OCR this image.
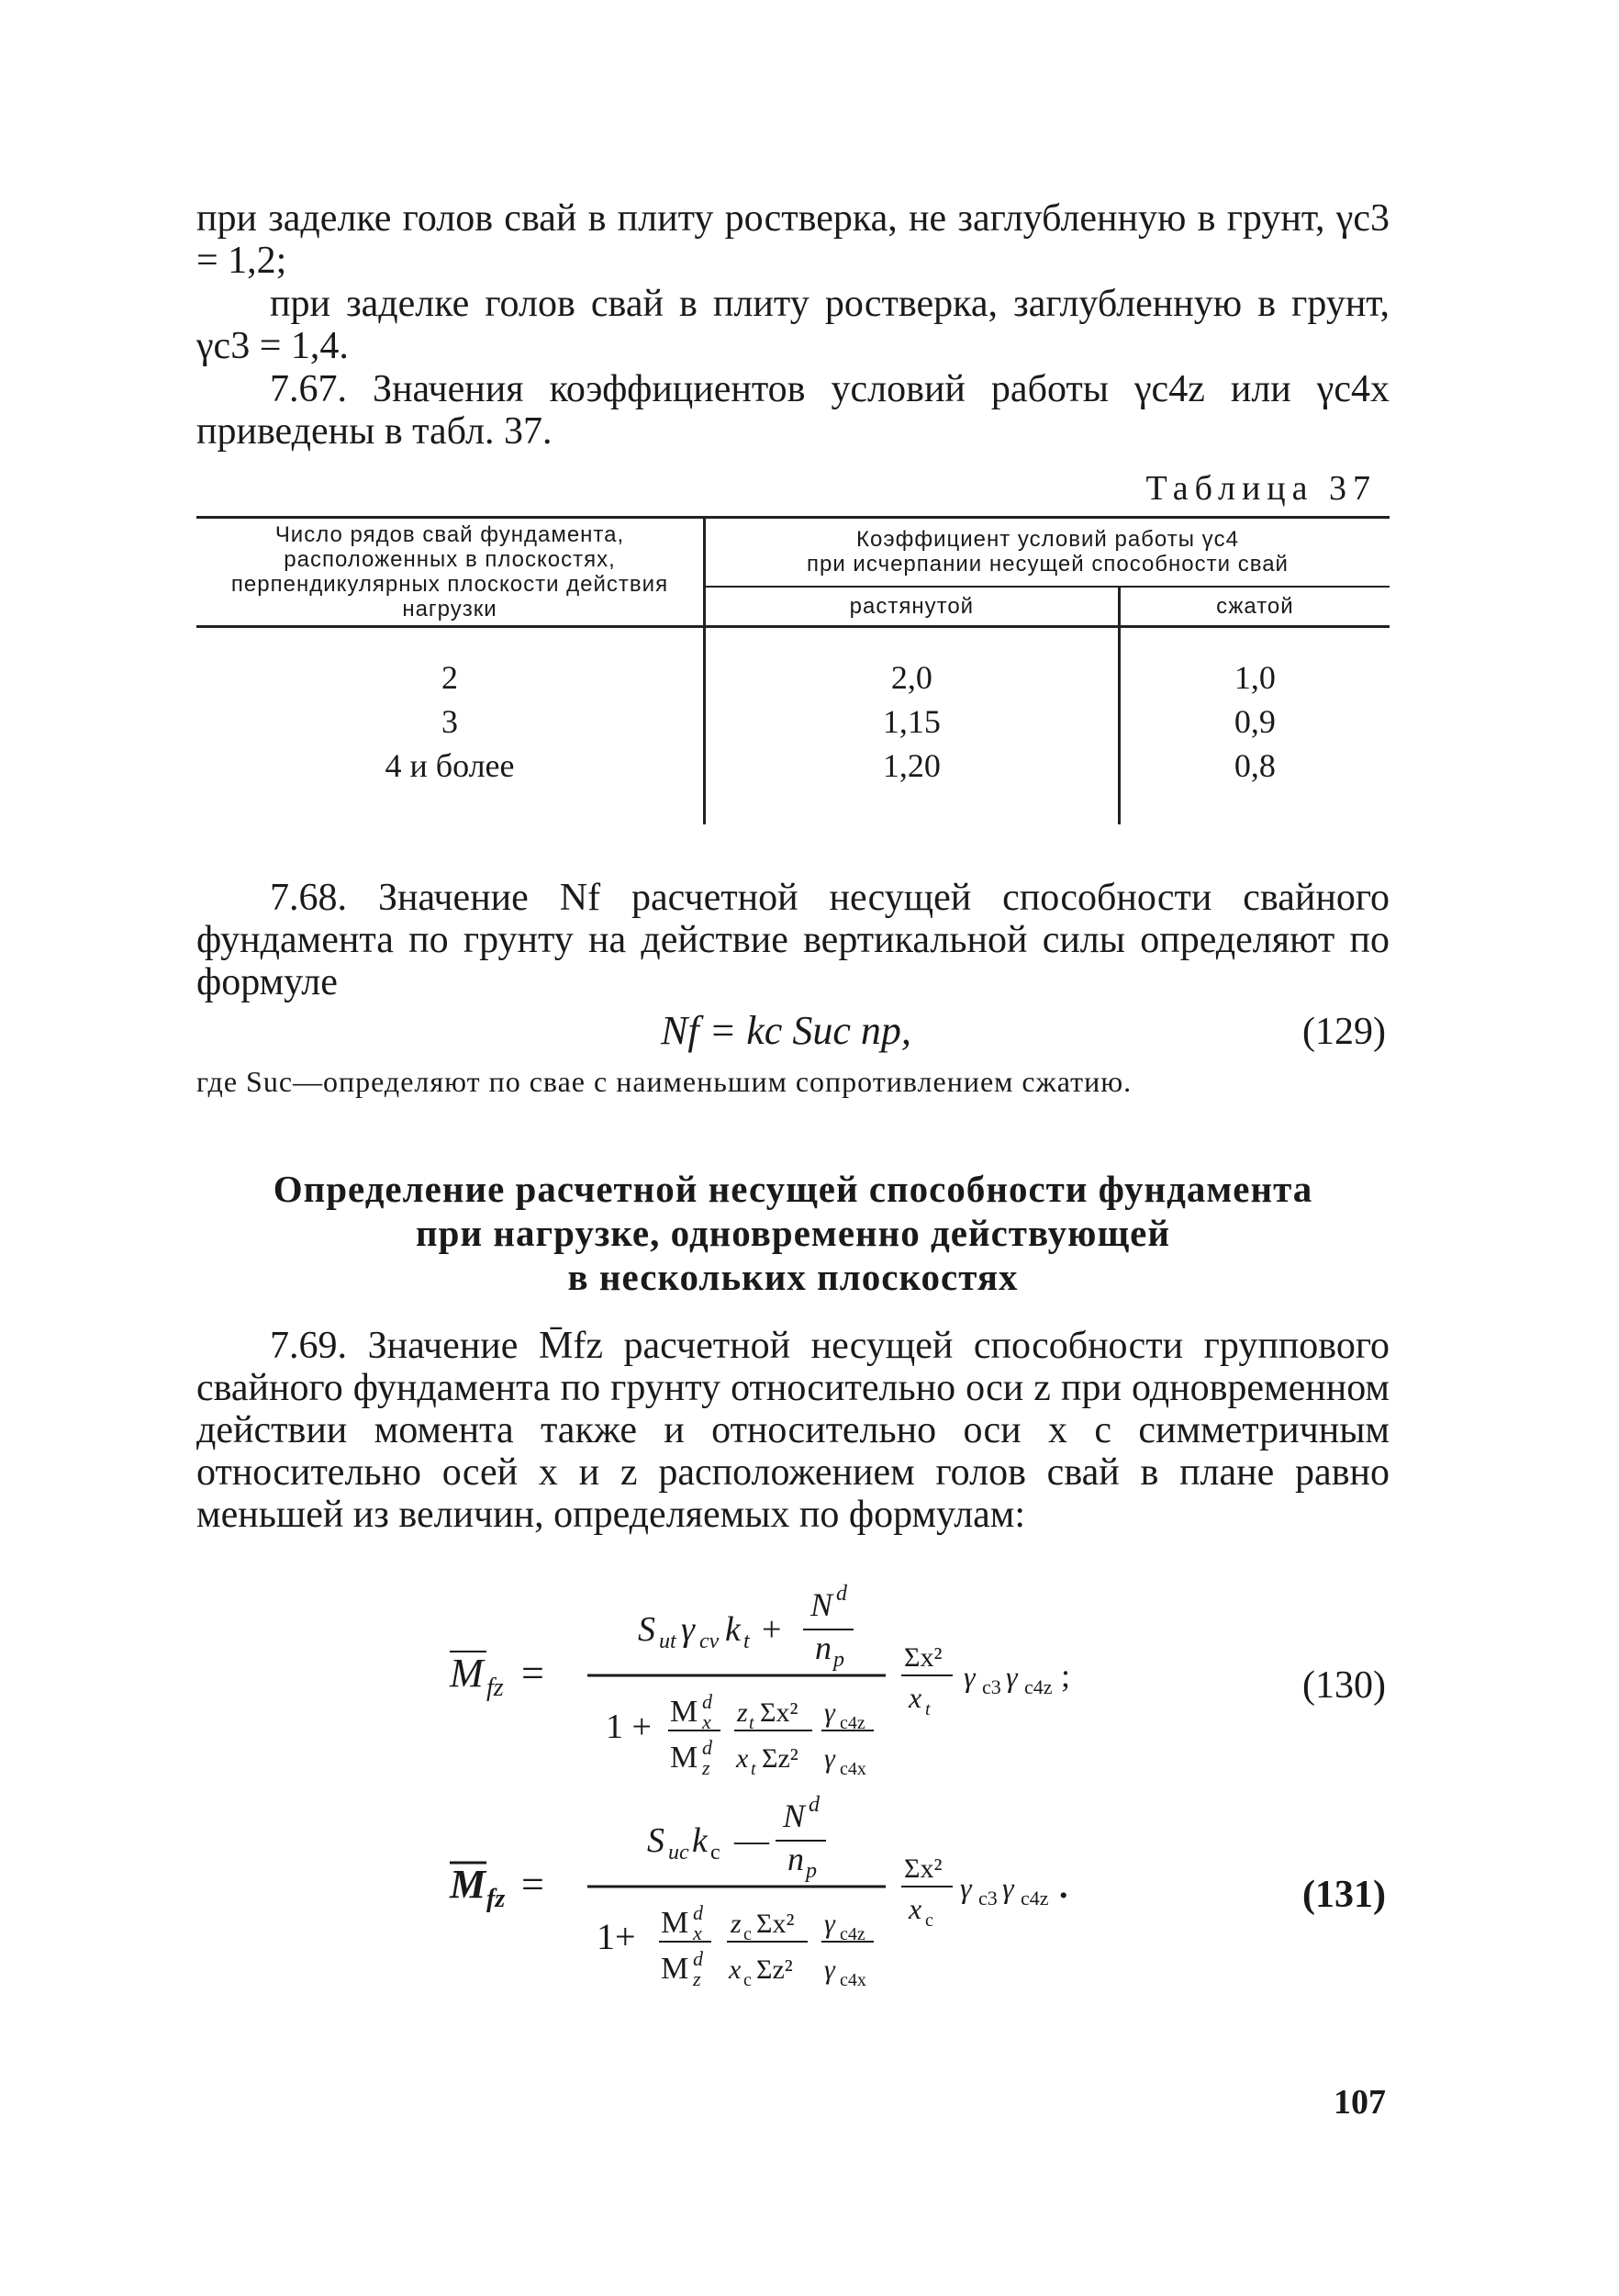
при заделке голов свай в плиту ростверка, не заглубленную в грунт, γc3 = 1,2;
при заделке голов свай в плиту ростверка, заглубленную в грунт, γc3 = 1,4.
7.67. Значения коэффициентов условий работы γc4z или γc4x приведены в табл. 37.
Таблица 37
Число рядов свай фундамента, расположенных в плоскостях, перпендикулярных плоскости действия нагрузки	Коэффициент условий работы γc4
при исчерпании несущей способности свай	

	растянутой	сжатой

2	2,0	1,0
3	1,15	0,9
4 и более	1,20	0,8

7.68. Значение Nf расчетной несущей способности свайного фундамента по грунту на действие вертикальной силы определяют по формуле
Nf = kc Suc np,	(129)
где Suc—определяют по свае с наименьшим сопротивлением сжатию.
Определение расчетной несущей способности фундамента
при нагрузке, одновременно действующей
в нескольких плоскостях
7.69. Значение M̄fz расчетной несущей способности группового свайного фундамента по грунту относительно оси z при одновременном действии момента также и относительно оси x с симметричным относительно осей x и z расположением голов свай в плане равно меньшей из величин, определяемых по формулам:
M fz =
S ut γ cv k t +
N d
n p
1 + M d
x
M d
z
z t Σx²
x t Σz²
γ c4z
γ c4x
Σx²
x t
γ c3 γ c4z ;	(130)
M fz =
S uc k c —
N d
n p
1+ M d
x
M d
z
z c Σx²
x c Σz²
γ c4z
γ c4x
Σx²
x c
γ c3 γ c4z .	(131)
107
